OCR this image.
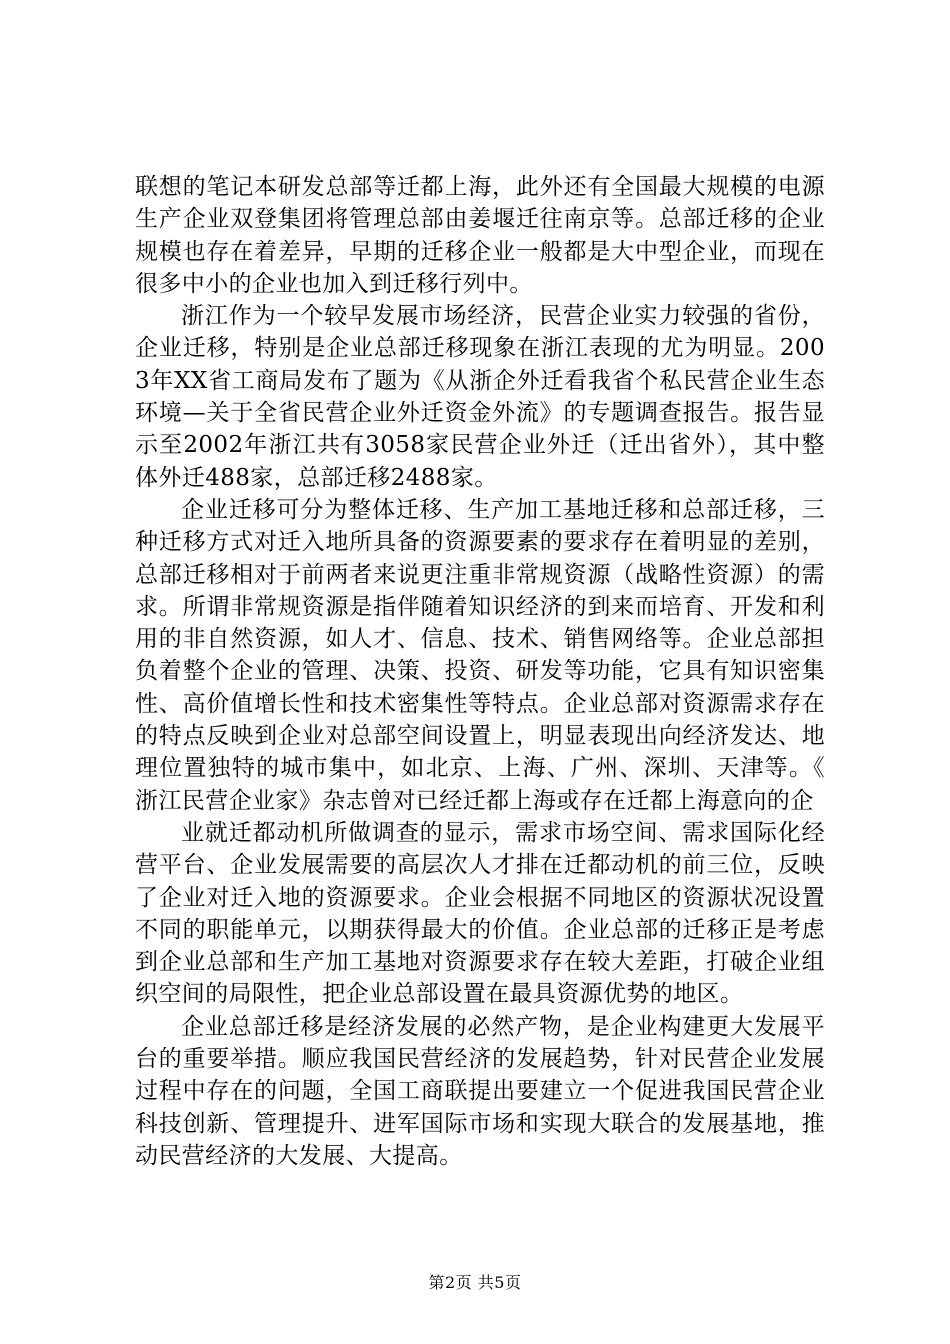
联想的笔记本研发总部等迁都上海，此外还有全国最大规模的电源生产企业双登集团将管理总部由姜堰迁往南京等。总部迁移的企业规模也存在着差异，早期的迁移企业一般都是大中型企业，而现在很多中小的企业也加入到迁移行列中。

浙江作为一个较早发展市场经济，民营企业实力较强的省份，企业迁移，特别是企业总部迁移现象在浙江表现的尤为明显。2003年XX省工商局发布了题为《从浙企外迁看我省个私民营企业生态环境—关于全省民营企业外迁资金外流》的专题调查报告。报告显示至2002年浙江共有3058家民营企业外迁（迁出省外），其中整体外迁488家，总部迁移2488家。

企业迁移可分为整体迁移、生产加工基地迁移和总部迁移，三种迁移方式对迁入地所具备的资源要素的要求存在着明显的差别，总部迁移相对于前两者来说更注重非常规资源（战略性资源）的需求。所谓非常规资源是指伴随着知识经济的到来而培育、开发和利用的非自然资源，如人才、信息、技术、销售网络等。企业总部担负着整个企业的管理、决策、投资、研发等功能，它具有知识密集性、高价值增长性和技术密集性等特点。企业总部对资源需求存在的特点反映到企业对总部空间设置上，明显表现出向经济发达、地理位置独特的城市集中，如北京、上海、广州、深圳、天津等。《浙江民营企业家》杂志曾对已经迁都上海或存在迁都上海意向的企

业就迁都动机所做调查的显示，需求市场空间、需求国际化经营平台、企业发展需要的高层次人才排在迁都动机的前三位，反映了企业对迁入地的资源要求。企业会根据不同地区的资源状况设置不同的职能单元，以期获得最大的价值。企业总部的迁移正是考虑到企业总部和生产加工基地对资源要求存在较大差距，打破企业组织空间的局限性，把企业总部设置在最具资源优势的地区。

企业总部迁移是经济发展的必然产物，是企业构建更大发展平台的重要举措。顺应我国民营经济的发展趋势，针对民营企业发展过程中存在的问题，全国工商联提出要建立一个促进我国民营企业科技创新、管理提升、进军国际市场和实现大联合的发展基地，推动民营经济的大发展、大提高。

第2页 共5页
